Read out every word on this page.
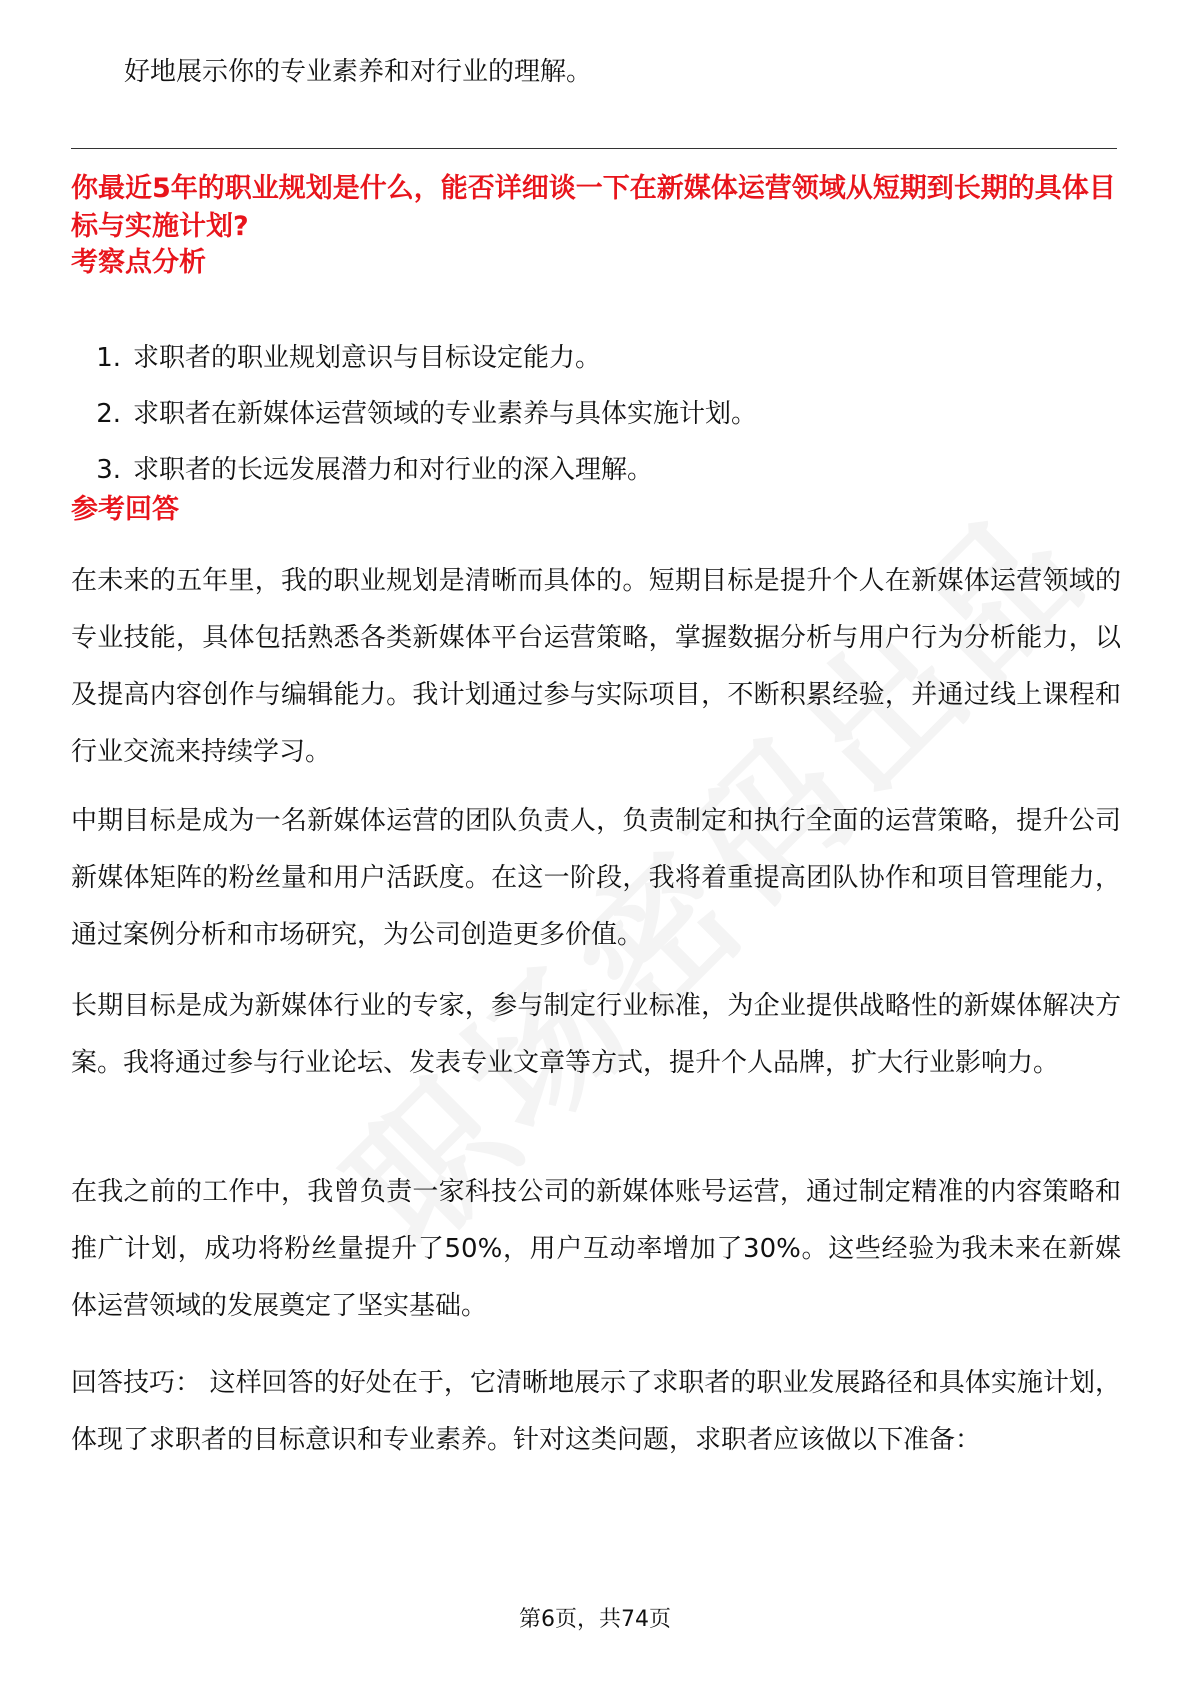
好地展示你的专业素养和对行业的理解。
你最近5年的职业规划是什么，能否详细谈一下在新媒体运营领域从短期到长期的具体目标与实施计划?
考察点分析
1. 求职者的职业规划意识与目标设定能力。
2. 求职者在新媒体运营领域的专业素养与具体实施计划。
3. 求职者的长远发展潜力和对行业的深入理解。
参考回答

在未来的五年里，我的职业规划是清晰而具体的。短期目标是提升个人在新媒体运营领域的专业技能，具体包括熟悉各类新媒体平台运营策略，掌握数据分析与用户行为分析能力，以及提高内容创作与编辑能力。我计划通过参与实际项目，不断积累经验，并通过线上课程和行业交流来持续学习。

中期目标是成为一名新媒体运营的团队负责人，负责制定和执行全面的运营策略，提升公司新媒体矩阵的粉丝量和用户活跃度。在这一阶段，我将着重提高团队协作和项目管理能力，通过案例分析和市场研究，为公司创造更多价值。

长期目标是成为新媒体行业的专家，参与制定行业标准，为企业提供战略性的新媒体解决方案。我将通过参与行业论坛、发表专业文章等方式，提升个人品牌，扩大行业影响力。

在我之前的工作中，我曾负责一家科技公司的新媒体账号运营，通过制定精准的内容策略和推广计划，成功将粉丝量提升了50%，用户互动率增加了30%。这些经验为我未来在新媒体运营领域的发展奠定了坚实基础。

回答技巧： 这样回答的好处在于，它清晰地展示了求职者的职业发展路径和具体实施计划，体现了求职者的目标意识和专业素养。针对这类问题，求职者应该做以下准备：

第6页，共74页
